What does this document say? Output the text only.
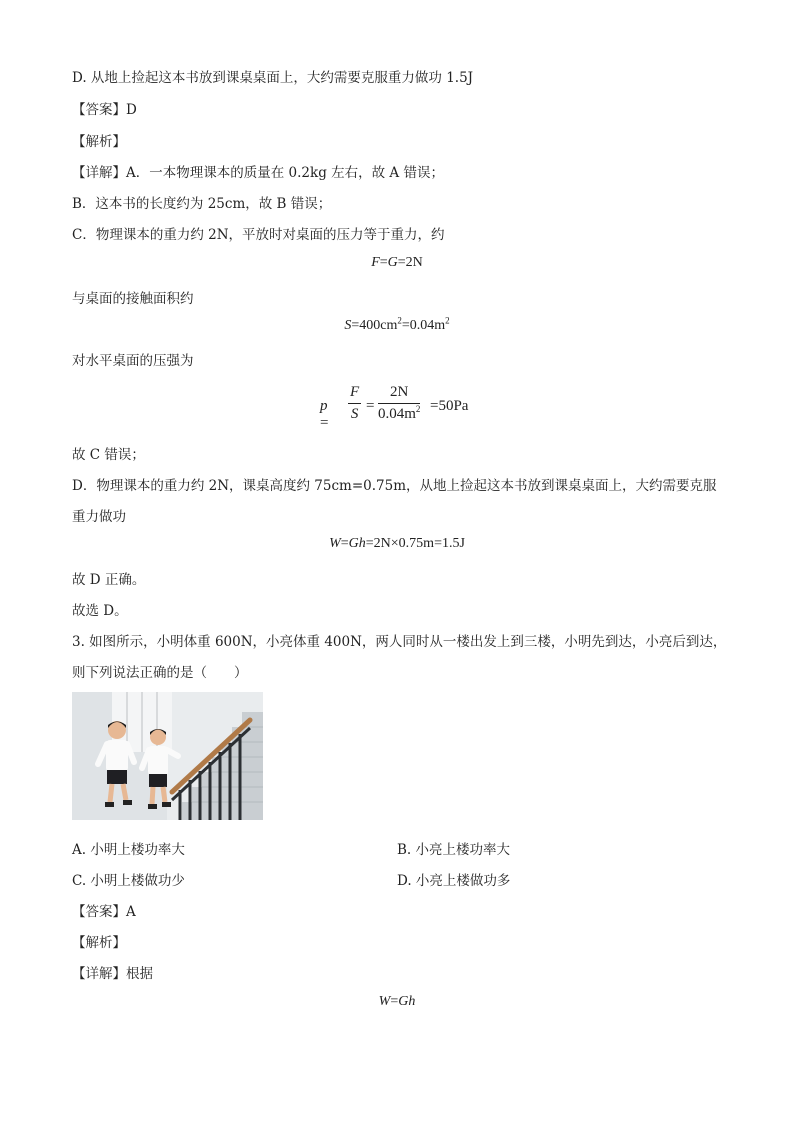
D. 从地上捡起这本书放到课桌桌面上，大约需要克服重力做功 1.5J
【答案】D
【解析】
【详解】A．一本物理课本的质量在 0.2kg 左右，故 A 错误；
B．这本书的长度约为 25cm，故 B 错误；
C．物理课本的重力约 2N，平放时对桌面的压力等于重力，约
F=G=2N
与桌面的接触面积约
$S=400cm^2=0.04m^2$
对水平桌面的压强为
$p = \frac{F}{S} = \frac{2N}{0.04m^2} =50Pa$
故 C 错误；
D．物理课本的重力约 2N，课桌高度约 75cm=0.75m，从地上捡起这本书放到课桌桌面上，大约需要克服
重力做功
W=Gh=2N×0.75m=1.5J
故 D 正确。
故选 D。
3. 如图所示，小明体重 600N，小亮体重 400N，两人同时从一楼出发上到三楼，小明先到达，小亮后到达，
则下列说法正确的是（　　）
A. 小明上楼功率大	B. 小亮上楼功率大
C. 小明上楼做功少	D. 小亮上楼做功多
【答案】A
【解析】
【详解】根据
W=Gh
